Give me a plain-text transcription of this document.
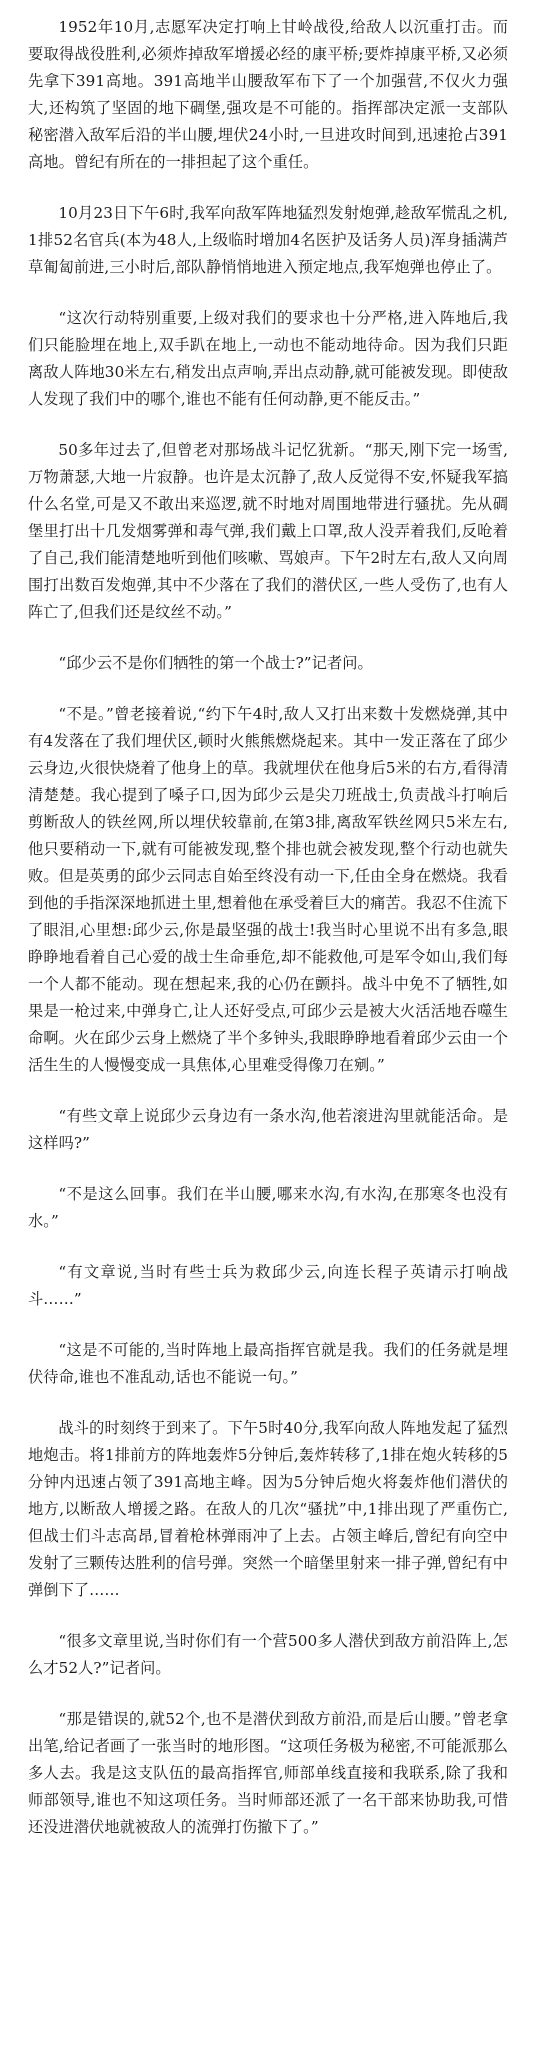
1952年10月,志愿军决定打响上甘岭战役,给敌人以沉重打击。而要取得战役胜利,必须炸掉敌军增援必经的康平桥;要炸掉康平桥,又必须先拿下391高地。391高地半山腰敌军布下了一个加强营,不仅火力强大,还构筑了坚固的地下碉堡,强攻是不可能的。指挥部决定派一支部队秘密潜入敌军后沿的半山腰,埋伏24小时,一旦进攻时间到,迅速抢占391高地。曾纪有所在的一排担起了这个重任。

10月23日下午6时,我军向敌军阵地猛烈发射炮弹,趁敌军慌乱之机,1排52名官兵(本为48人,上级临时增加4名医护及话务人员)浑身插满芦草匍匐前进,三小时后,部队静悄悄地进入预定地点,我军炮弹也停止了。

“这次行动特别重要,上级对我们的要求也十分严格,进入阵地后,我们只能脸埋在地上,双手趴在地上,一动也不能动地待命。因为我们只距离敌人阵地30米左右,稍发出点声响,弄出点动静,就可能被发现。即使敌人发现了我们中的哪个,谁也不能有任何动静,更不能反击。”

50多年过去了,但曾老对那场战斗记忆犹新。“那天,刚下完一场雪,万物萧瑟,大地一片寂静。也许是太沉静了,敌人反觉得不安,怀疑我军搞什么名堂,可是又不敢出来巡逻,就不时地对周围地带进行骚扰。先从碉堡里打出十几发烟雾弹和毒气弹,我们戴上口罩,敌人没弄着我们,反呛着了自己,我们能清楚地听到他们咳嗽、骂娘声。下午2时左右,敌人又向周围打出数百发炮弹,其中不少落在了我们的潜伏区,一些人受伤了,也有人阵亡了,但我们还是纹丝不动。”

“邱少云不是你们牺牲的第一个战士?”记者问。

“不是。”曾老接着说,“约下午4时,敌人又打出来数十发燃烧弹,其中有4发落在了我们埋伏区,顿时火熊熊燃烧起来。其中一发正落在了邱少云身边,火很快烧着了他身上的草。我就埋伏在他身后5米的右方,看得清清楚楚。我心提到了嗓子口,因为邱少云是尖刀班战士,负责战斗打响后剪断敌人的铁丝网,所以埋伏较靠前,在第3排,离敌军铁丝网只5米左右,他只要稍动一下,就有可能被发现,整个排也就会被发现,整个行动也就失败。但是英勇的邱少云同志自始至终没有动一下,任由全身在燃烧。我看到他的手指深深地抓进土里,想着他在承受着巨大的痛苦。我忍不住流下了眼泪,心里想:邱少云,你是最坚强的战士!我当时心里说不出有多急,眼睁睁地看着自己心爱的战士生命垂危,却不能救他,可是军令如山,我们每一个人都不能动。现在想起来,我的心仍在颤抖。战斗中免不了牺牲,如果是一枪过来,中弹身亡,让人还好受点,可邱少云是被大火活活地吞噬生命啊。火在邱少云身上燃烧了半个多钟头,我眼睁睁地看着邱少云由一个活生生的人慢慢变成一具焦体,心里难受得像刀在剜。”

“有些文章上说邱少云身边有一条水沟,他若滚进沟里就能活命。是这样吗?”

“不是这么回事。我们在半山腰,哪来水沟,有水沟,在那寒冬也没有水。”

“有文章说,当时有些士兵为救邱少云,向连长程子英请示打响战斗……”

“这是不可能的,当时阵地上最高指挥官就是我。我们的任务就是埋伏待命,谁也不准乱动,话也不能说一句。”

战斗的时刻终于到来了。下午5时40分,我军向敌人阵地发起了猛烈地炮击。将1排前方的阵地轰炸5分钟后,轰炸转移了,1排在炮火转移的5分钟内迅速占领了391高地主峰。因为5分钟后炮火将轰炸他们潜伏的地方,以断敌人增援之路。在敌人的几次“骚扰”中,1排出现了严重伤亡,但战士们斗志高昂,冒着枪林弹雨冲了上去。占领主峰后,曾纪有向空中发射了三颗传达胜利的信号弹。突然一个暗堡里射来一排子弹,曾纪有中弹倒下了……

“很多文章里说,当时你们有一个营500多人潜伏到敌方前沿阵上,怎么才52人?”记者问。

“那是错误的,就52个,也不是潜伏到敌方前沿,而是后山腰。”曾老拿出笔,给记者画了一张当时的地形图。“这项任务极为秘密,不可能派那么多人去。我是这支队伍的最高指挥官,师部单线直接和我联系,除了我和师部领导,谁也不知这项任务。当时师部还派了一名干部来协助我,可惜还没进潜伏地就被敌人的流弹打伤撤下了。”
